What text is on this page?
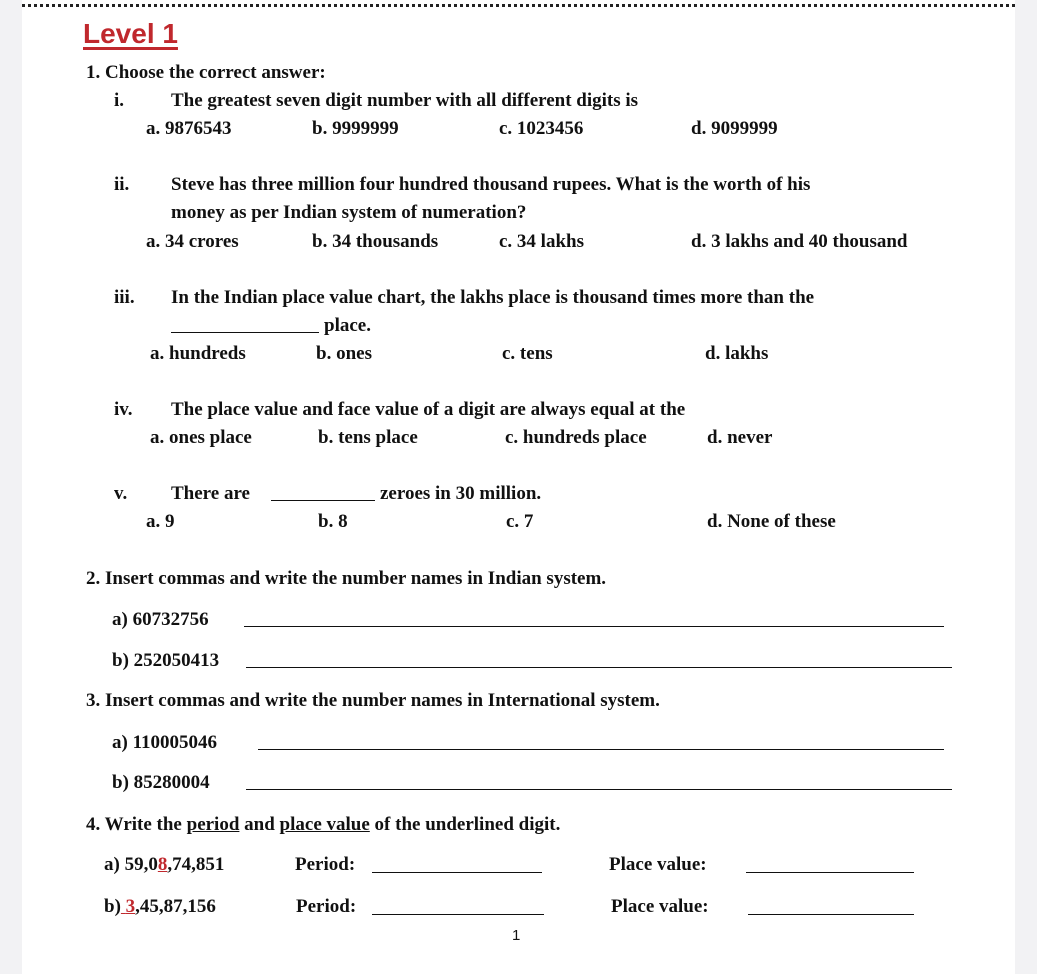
Level 1
1. Choose the correct answer:
i. The greatest seven digit number with all different digits is
a. 9876543	b. 9999999	c. 1023456	d. 9099999
ii. Steve has three million four hundred thousand rupees. What is the worth of his
money as per Indian system of numeration?
a. 34 crores	b. 34 thousands	c. 34 lakhs	d. 3 lakhs and 40 thousand
iii. In the Indian place value chart, the lakhs place is thousand times more than the
place.
a. hundreds	b. ones	c. tens	d. lakhs
iv. The place value and face value of a digit are always equal at the
a. ones place	b. tens place	c. hundreds place	d. never
v. There are	zeroes in 30 million.
a. 9	b. 8	c. 7	d. None of these
2. Insert commas and write the number names in Indian system.
a) 60732756
b) 252050413
3. Insert commas and write the number names in International system.
a) 110005046
b) 85280004
4. Write the period and place value of the underlined digit.
a) 59,08,74,851	Period:	Place value:
b) 3,45,87,156	Period:	Place value:
1
